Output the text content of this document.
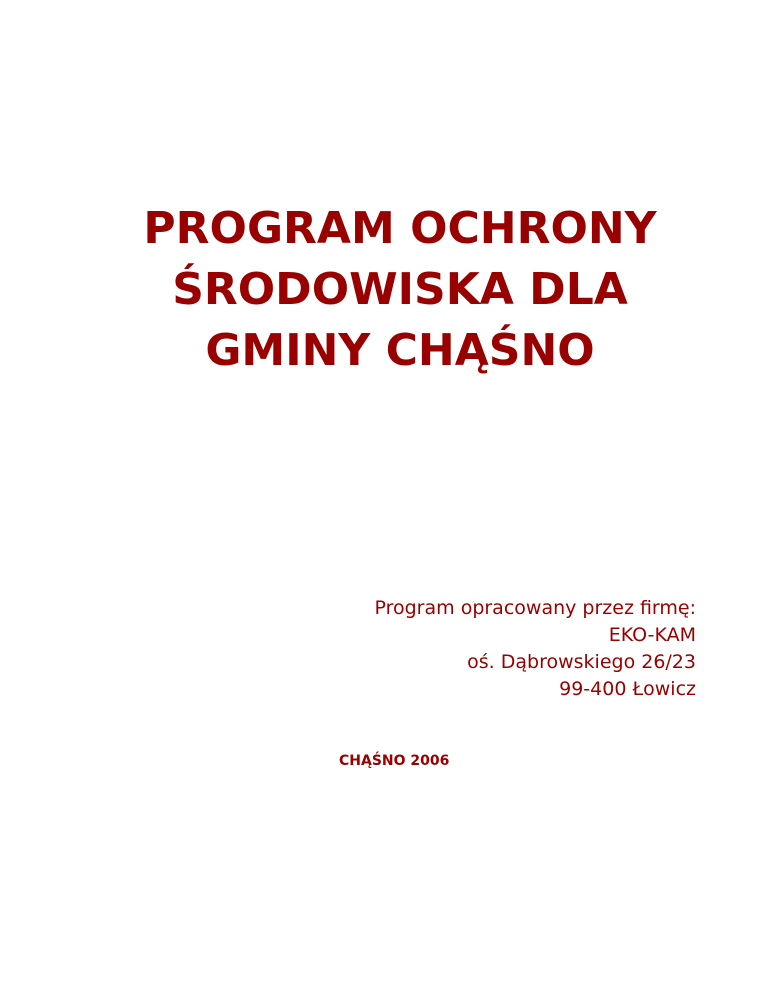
PROGRAM OCHRONY
ŚRODOWISKA DLA
GMINY CHĄŚNO
Program opracowany przez firmę:
EKO-KAM
oś. Dąbrowskiego 26/23
99-400 Łowicz
CHĄŚNO 2006
